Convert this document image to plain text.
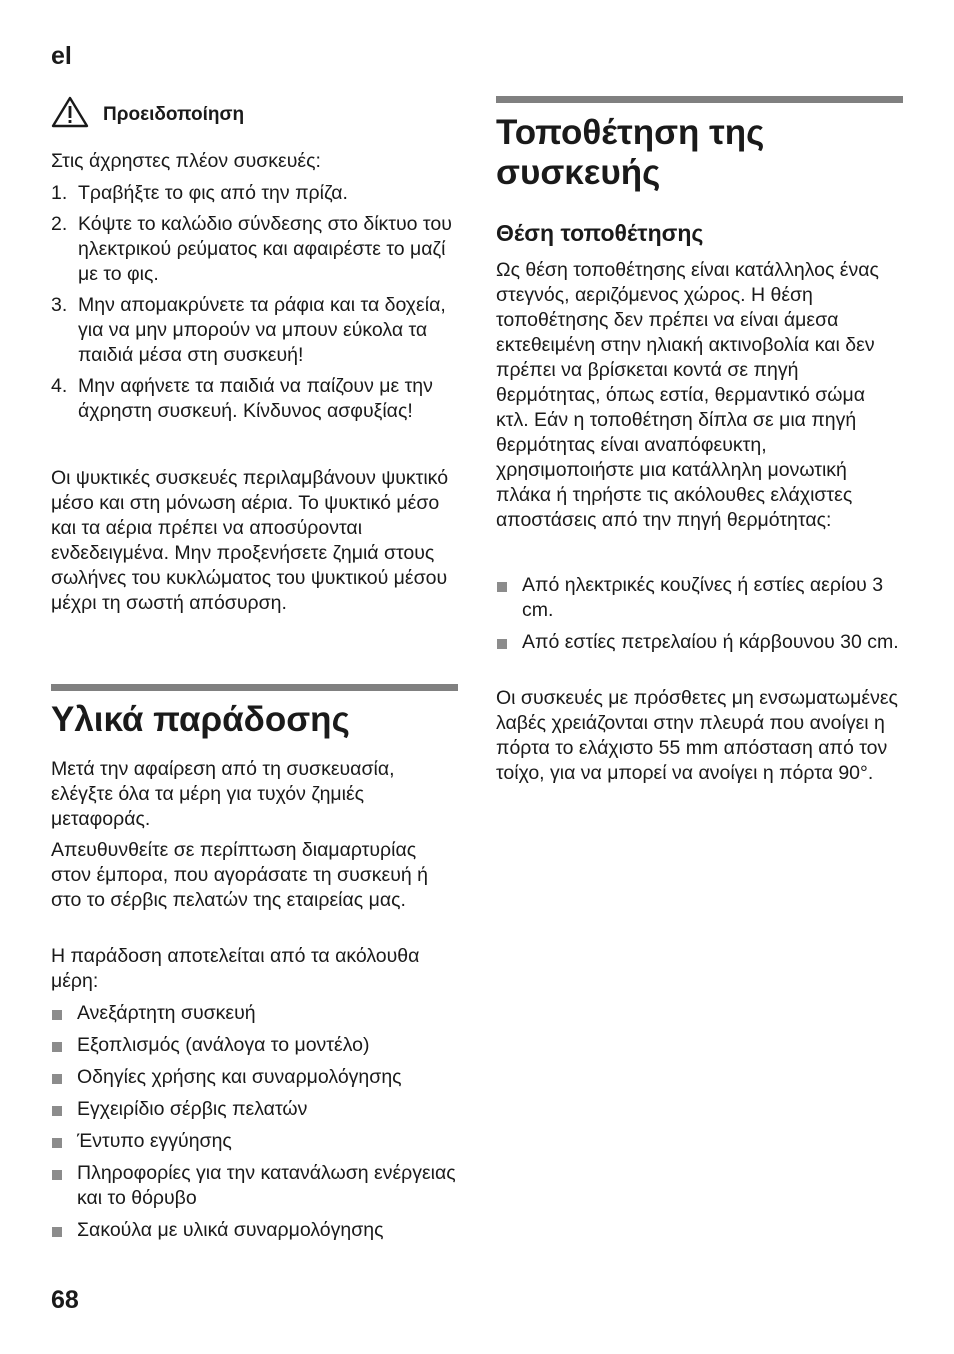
el
Προειδοποίηση

Στις άχρηστες πλέον συσκευές:

1. Τραβήξτε το φις από την πρίζα.
2. Κόψτε το καλώδιο σύνδεσης στο δίκτυο του ηλεκτρικού ρεύματος και αφαιρέστε το μαζί με το φις.
3. Μην απομακρύνετε τα ράφια και τα δοχεία, για να μην μπορούν να μπουν εύκολα τα παιδιά μέσα στη συσκευή!
4. Μην αφήνετε τα παιδιά να παίζουν με την άχρηστη συσκευή. Κίνδυνος ασφυξίας!

Οι ψυκτικές συσκευές περιλαμβάνουν ψυκτικό μέσο και στη μόνωση αέρια. Το ψυκτικό μέσο και τα αέρια πρέπει να αποσύρονται ενδεδειγμένα. Μην προξενήσετε ζημιά στους σωλήνες του κυκλώματος του ψυκτικού μέσου μέχρι τη σωστή απόσυρση.

Υλικά παράδοσης

Μετά την αφαίρεση από τη συσκευασία, ελέγξτε όλα τα μέρη για τυχόν ζημιές μεταφοράς.

Απευθυνθείτε σε περίπτωση διαμαρτυρίας στον έμπορα, που αγοράσατε τη συσκευή ή στο το σέρβις πελατών της εταιρείας μας.

Η παράδοση αποτελείται από τα ακόλουθα μέρη:

Ανεξάρτητη συσκευή
Εξοπλισμός (ανάλογα το μοντέλο)
Οδηγίες χρήσης και συναρμολόγησης
Εγχειρίδιο σέρβις πελατών
Έντυπο εγγύησης
Πληροφορίες για την κατανάλωση ενέργειας και το θόρυβο
Σακούλα με υλικά συναρμολόγησης
Τοποθέτηση της συσκευής
Θέση τοποθέτησης

Ως θέση τοποθέτησης είναι κατάλληλος ένας στεγνός, αεριζόμενος χώρος. Η θέση τοποθέτησης δεν πρέπει να είναι άμεσα εκτεθειμένη στην ηλιακή ακτινοβολία και δεν πρέπει να βρίσκεται κοντά σε πηγή θερμότητας, όπως εστία, θερμαντικό σώμα κτλ. Εάν η τοποθέτηση δίπλα σε μια πηγή θερμότητας είναι αναπόφευκτη, χρησιμοποιήστε μια κατάλληλη μονωτική πλάκα ή τηρήστε τις ακόλουθες ελάχιστες αποστάσεις από την πηγή θερμότητας:

Από ηλεκτρικές κουζίνες ή εστίες αερίου 3 cm.
Από εστίες πετρελαίου ή κάρβουνου 30 cm.

Οι συσκευές με πρόσθετες μη ενσωματωμένες λαβές χρειάζονται στην πλευρά που ανοίγει η πόρτα το ελάχιστο 55 mm απόσταση από τον τοίχο, για να μπορεί να ανοίγει η πόρτα 90°.

68
